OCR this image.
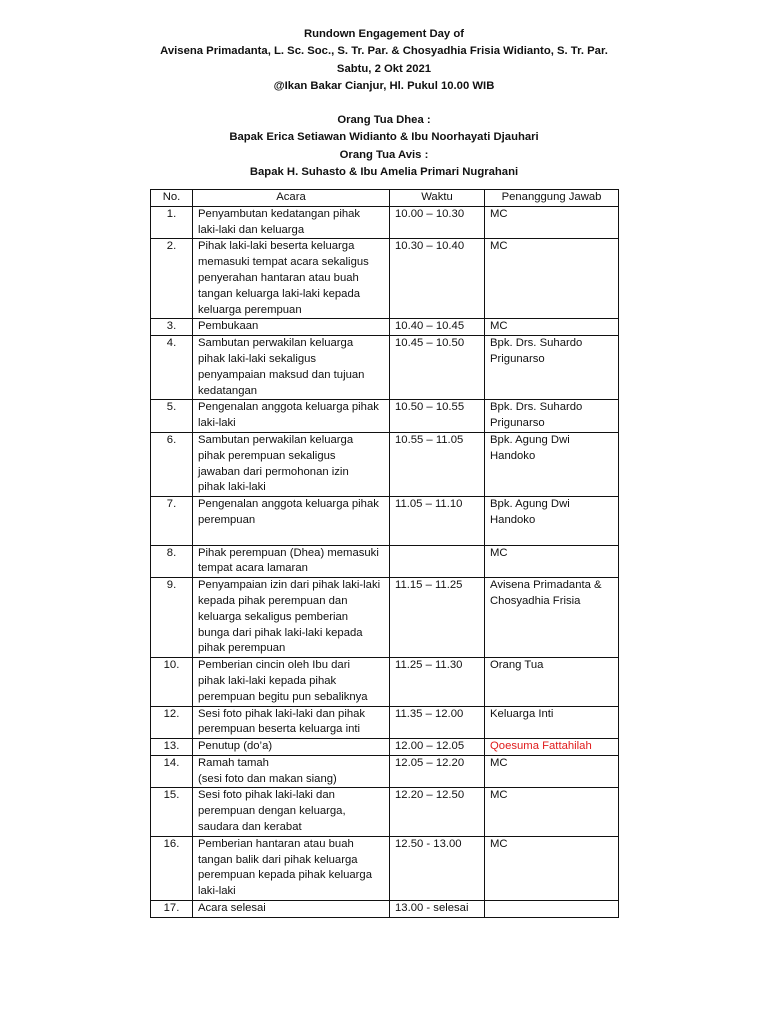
Rundown Engagement Day of
Avisena Primadanta, L. Sc. Soc., S. Tr. Par. & Chosyadhia Frisia Widianto, S. Tr. Par.
Sabtu, 2 Okt 2021
@Ikan Bakar Cianjur, Hl. Pukul 10.00 WIB
Orang Tua Dhea :
Bapak Erica Setiawan Widianto & Ibu Noorhayati Djauhari
Orang Tua Avis :
Bapak H. Suhasto & Ibu Amelia Primari Nugrahani
No.	Acara	Waktu	Penanggung Jawab
1.	Penyambutan kedatangan pihak
laki-laki dan keluarga	10.00 – 10.30	MC

2.	Pihak laki-laki beserta keluarga
memasuki tempat acara sekaligus
penyerahan hantaran atau buah
tangan keluarga laki-laki kepada
keluarga perempuan	10.30 – 10.40	MC

3.	Pembukaan	10.40 – 10.45	MC

4.	Sambutan perwakilan keluarga
pihak laki-laki sekaligus
penyampaian maksud dan tujuan
kedatangan	10.45 – 10.50	Bpk. Drs. Suhardo
Prigunarso

5.	Pengenalan anggota keluarga pihak
laki-laki	10.50 – 10.55	Bpk. Drs. Suhardo
Prigunarso

6.	Sambutan perwakilan keluarga
pihak perempuan sekaligus
jawaban dari permohonan izin
pihak laki-laki	10.55 – 11.05	Bpk. Agung Dwi
Handoko

7.	Pengenalan anggota keluarga pihak
perempuan	11.05 – 11.10	Bpk. Agung Dwi
Handoko

8.	Pihak perempuan (Dhea) memasuki
tempat acara lamaran		MC

9.	Penyampaian izin dari pihak laki-laki
kepada pihak perempuan dan
keluarga sekaligus pemberian
bunga dari pihak laki-laki kepada
pihak perempuan	11.15 – 11.25	Avisena Primadanta &
Chosyadhia Frisia

10.	Pemberian cincin oleh Ibu dari
pihak laki-laki kepada pihak
perempuan begitu pun sebaliknya	11.25 – 11.30	Orang Tua

12.	Sesi foto pihak laki-laki dan pihak
perempuan beserta keluarga inti	11.35 – 12.00	Keluarga Inti

13.	Penutup (do’a)	12.00 – 12.05	Qoesuma Fattahilah

14.	Ramah tamah
(sesi foto dan makan siang)	12.05 – 12.20	MC

15.	Sesi foto pihak laki-laki dan
perempuan dengan keluarga,
saudara dan kerabat	12.20 – 12.50	MC

16.	Pemberian hantaran atau buah
tangan balik dari pihak keluarga
perempuan kepada pihak keluarga
laki-laki	12.50 - 13.00	MC

17.	Acara selesai	13.00 - selesai	
